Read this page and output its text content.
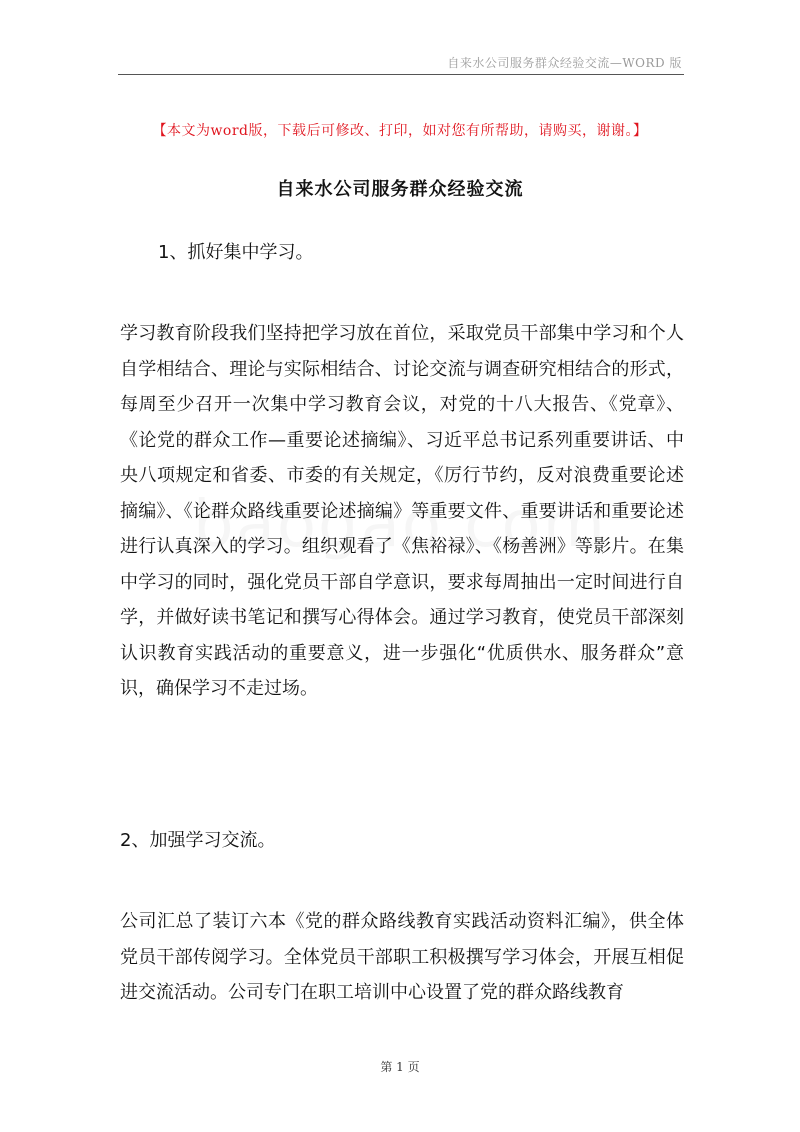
自来水公司服务群众经验交流—WORD 版
【本文为word版，下载后可修改、打印，如对您有所帮助，请购买，谢谢。】
自来水公司服务群众经验交流
1、抓好集中学习。
学习教育阶段我们坚持把学习放在首位，采取党员干部集中学习和个人自学相结合、理论与实际相结合、讨论交流与调查研究相结合的形式，每周至少召开一次集中学习教育会议，对党的十八大报告、《党章》、《论党的群众工作—重要论述摘编》、习近平总书记系列重要讲话、中央八项规定和省委、市委的有关规定，《厉行节约，反对浪费重要论述摘编》、《论群众路线重要论述摘编》等重要文件、重要讲话和重要论述进行认真深入的学习。组织观看了《焦裕禄》、《杨善洲》等影片。在集中学习的同时，强化党员干部自学意识，要求每周抽出一定时间进行自学，并做好读书笔记和撰写心得体会。通过学习教育，使党员干部深刻认识教育实践活动的重要意义，进一步强化“优质供水、服务群众”意识，确保学习不走过场。
2、加强学习交流。
公司汇总了装订六本《党的群众路线教育实践活动资料汇编》，供全体党员干部传阅学习。全体党员干部职工积极撰写学习体会，开展互相促进交流活动。公司专门在职工培训中心设置了党的群众路线教育
第 1 页
